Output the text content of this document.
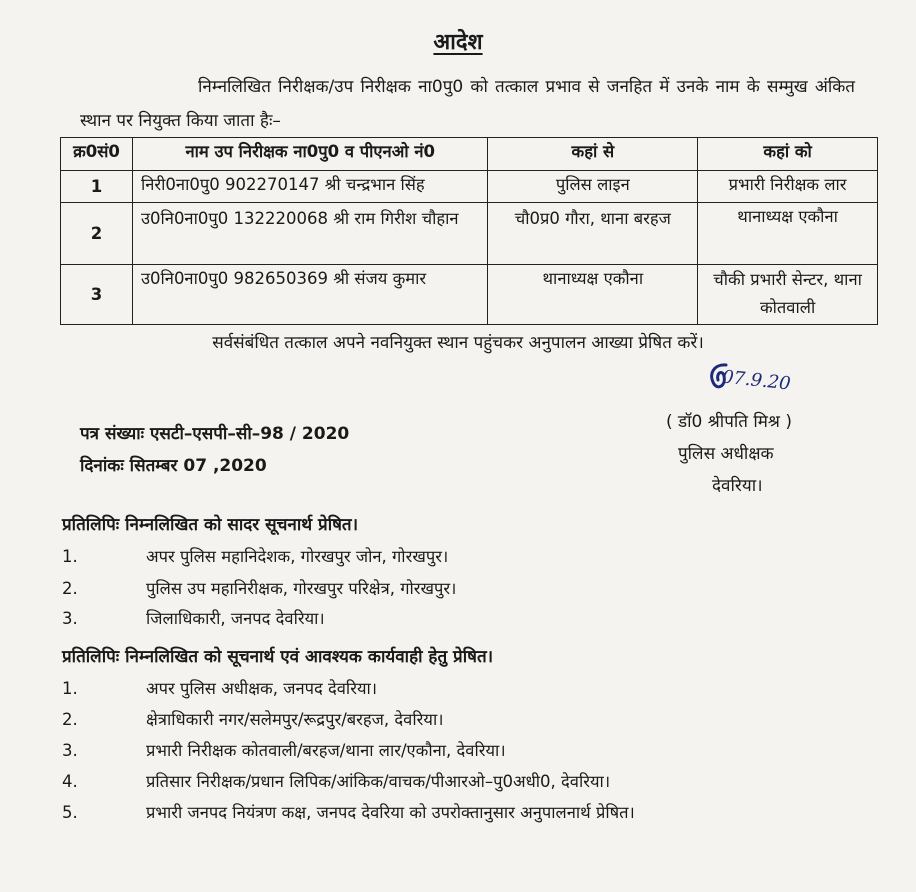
आदेश
निम्नलिखित निरीक्षक/उप निरीक्षक ना0पु0 को तत्काल प्रभाव से जनहित में उनके नाम के सम्मुख अंकित स्थान पर नियुक्त किया जाता हैः–
क्र0सं0	नाम उप निरीक्षक ना0पु0 व पीएनओ नं0	कहां से	कहां को
1	निरी0ना0पु0 902270147 श्री चन्द्रभान सिंह	पुलिस लाइन	प्रभारी निरीक्षक लार
2	उ0नि0ना0पु0 132220068 श्री राम गिरीश चौहान	चौ0प्र0 गौरा, थाना बरहज	थानाध्यक्ष एकौना
3	उ0नि0ना0पु0 982650369 श्री संजय कुमार	थानाध्यक्ष एकौना	चौकी प्रभारी सेन्टर, थाना कोतवाली
सर्वसंबंधित तत्काल अपने नवनियुक्त स्थान पहुंचकर अनुपालन आख्या प्रेषित करें।
07.9.20
( डॉ0 श्रीपति मिश्र )
पुलिस अधीक्षक
देवरिया।
पत्र संख्याः एसटी–एसपी–सी–98 / 2020
दिनांकः सितम्बर 07 ,2020
प्रतिलिपिः निम्नलिखित को सादर सूचनार्थ प्रेषित।
1.	अपर पुलिस महानिदेशक, गोरखपुर जोन, गोरखपुर।
2.	पुलिस उप महानिरीक्षक, गोरखपुर परिक्षेत्र, गोरखपुर।
3.	जिलाधिकारी, जनपद देवरिया।
प्रतिलिपिः निम्नलिखित को सूचनार्थ एवं आवश्यक कार्यवाही हेतु प्रेषित।
1.	अपर पुलिस अधीक्षक, जनपद देवरिया।
2.	क्षेत्राधिकारी नगर/सलेमपुर/रूद्रपुर/बरहज, देवरिया।
3.	प्रभारी निरीक्षक कोतवाली/बरहज/थाना लार/एकौना, देवरिया।
4.	प्रतिसार निरीक्षक/प्रधान लिपिक/आंकिक/वाचक/पीआरओ–पु0अधी0, देवरिया।
5.	प्रभारी जनपद नियंत्रण कक्ष, जनपद देवरिया को उपरोक्तानुसार अनुपालनार्थ प्रेषित।
